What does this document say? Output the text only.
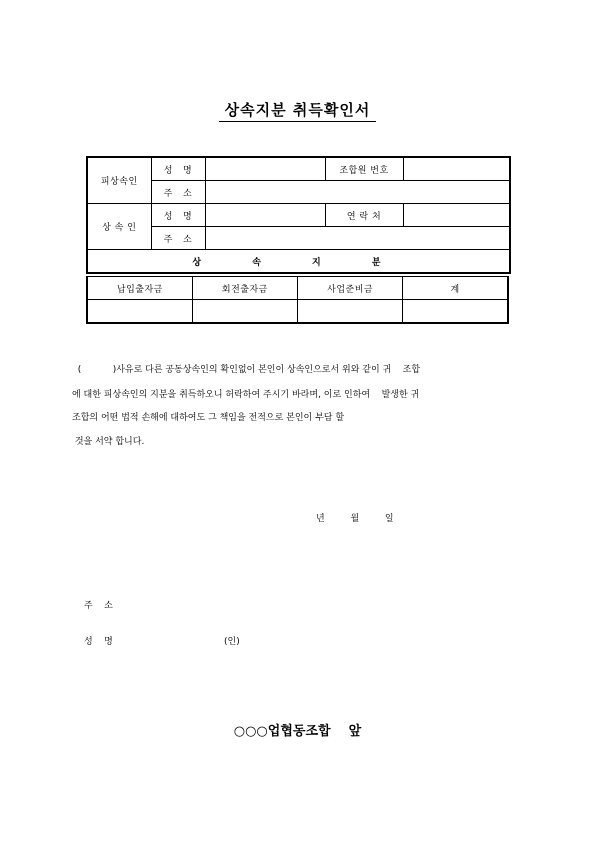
상속지분 취득확인서
피상속인	성   명		조합원 번호	
	주   소			
상 속 인	성   명		연 락 처	
	주   소			
상 속 지 분				
납입출자금	회전출자금	사업준비금	계

(           )사유로 다른 공동상속인의 확인없이 본인이 상속인으로서 위와 같이 귀    조합
에 대한 피상속인의 지분을 취득하오니 허락하여 주시기 바라며, 이로 인하여    발생한 귀
조합의 어떤 법적 손해에 대하여도 그 책임을 전적으로 본인이 부담 할
것을 서약 합니다.
년         월         일
주    소
성    명	(인)
○○○업협동조합    앞
